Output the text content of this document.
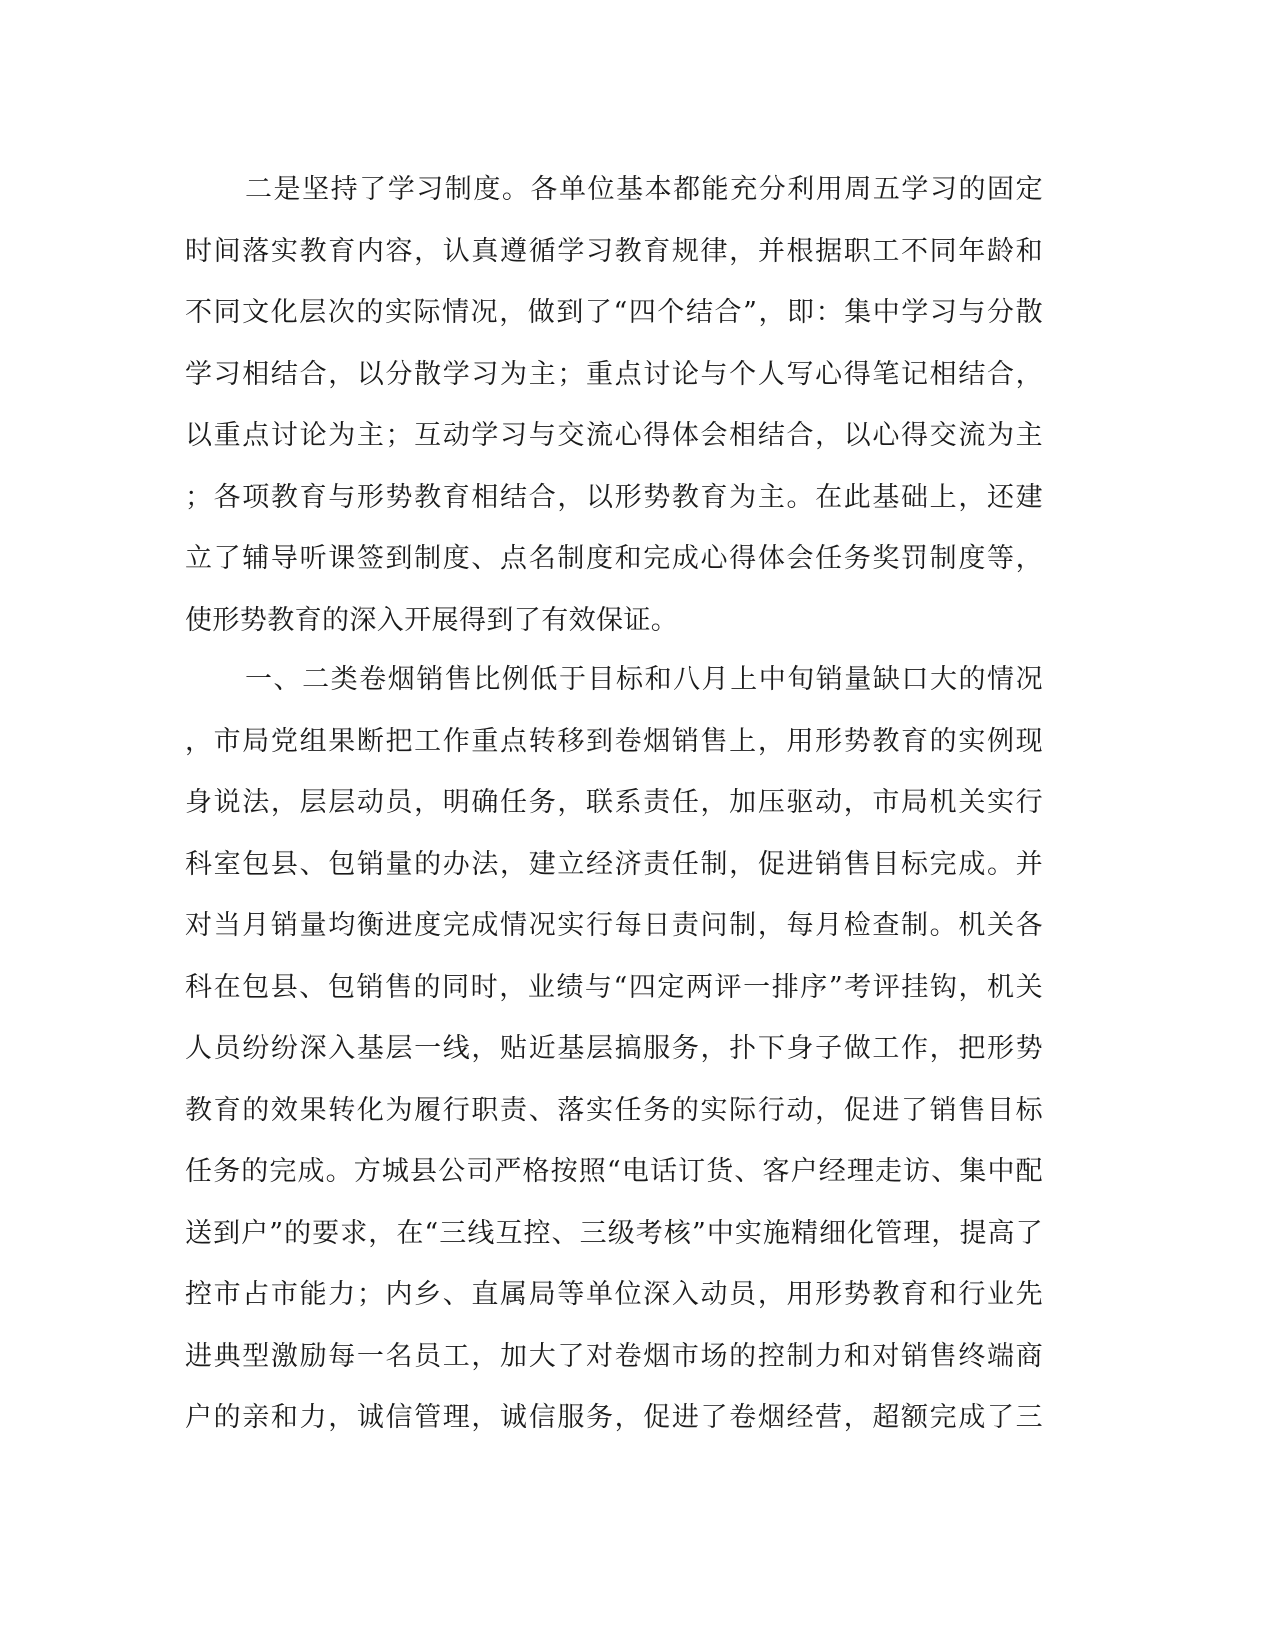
二是坚持了学习制度。各单位基本都能充分利用周五学习的固定
时间落实教育内容，认真遵循学习教育规律，并根据职工不同年龄和
不同文化层次的实际情况，做到了“四个结合”，即：集中学习与分散
学习相结合，以分散学习为主；重点讨论与个人写心得笔记相结合，
以重点讨论为主；互动学习与交流心得体会相结合，以心得交流为主
；各项教育与形势教育相结合，以形势教育为主。在此基础上，还建
立了辅导听课签到制度、点名制度和完成心得体会任务奖罚制度等，
使形势教育的深入开展得到了有效保证。
一、二类卷烟销售比例低于目标和八月上中旬销量缺口大的情况
，市局党组果断把工作重点转移到卷烟销售上，用形势教育的实例现
身说法，层层动员，明确任务，联系责任，加压驱动，市局机关实行
科室包县、包销量的办法，建立经济责任制，促进销售目标完成。并
对当月销量均衡进度完成情况实行每日责问制，每月检查制。机关各
科在包县、包销售的同时，业绩与“四定两评一排序”考评挂钩，机关
人员纷纷深入基层一线，贴近基层搞服务，扑下身子做工作，把形势
教育的效果转化为履行职责、落实任务的实际行动，促进了销售目标
任务的完成。方城县公司严格按照“电话订货、客户经理走访、集中配
送到户”的要求，在“三线互控、三级考核”中实施精细化管理，提高了
控市占市能力；内乡、直属局等单位深入动员，用形势教育和行业先
进典型激励每一名员工，加大了对卷烟市场的控制力和对销售终端商
户的亲和力，诚信管理，诚信服务，促进了卷烟经营，超额完成了三
